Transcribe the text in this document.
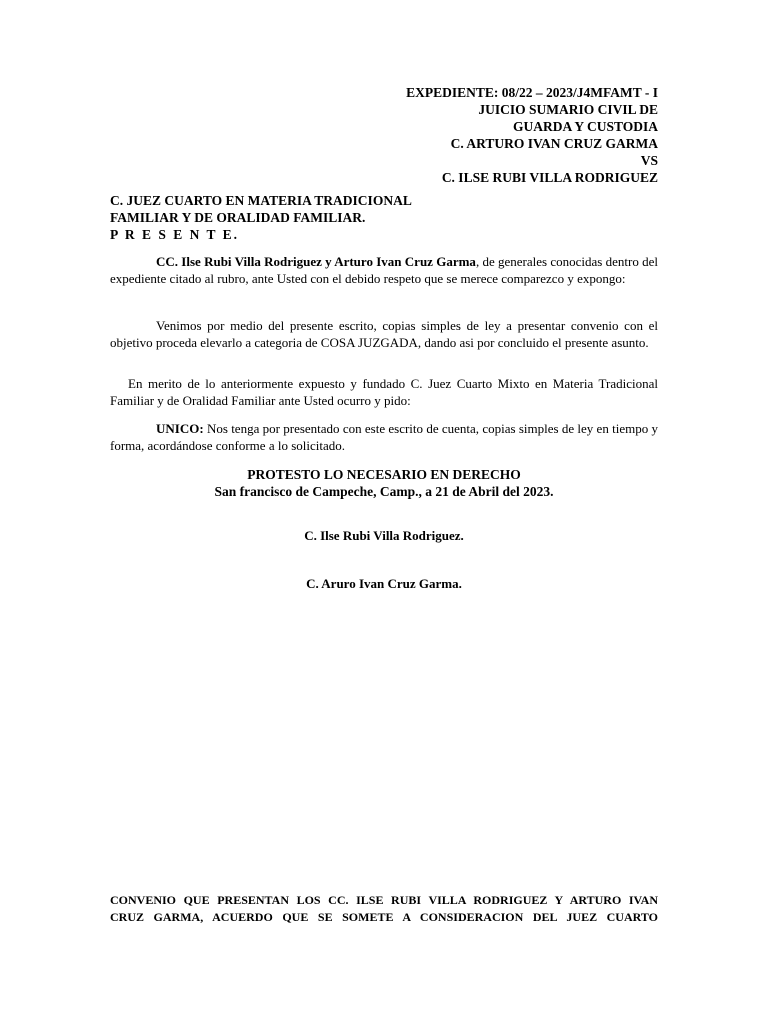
EXPEDIENTE: 08/22 – 2023/J4MFAMT - I
JUICIO SUMARIO CIVIL DE
GUARDA Y CUSTODIA
C. ARTURO IVAN CRUZ GARMA
VS
C. ILSE RUBI VILLA RODRIGUEZ
C. JUEZ CUARTO EN MATERIA TRADICIONAL
FAMILIAR Y DE ORALIDAD FAMILIAR.
P R E S E N T E.
CC. Ilse Rubi Villa Rodriguez y Arturo Ivan Cruz Garma, de generales conocidas dentro del expediente citado al rubro, ante Usted con el debido respeto que se merece comparezco y expongo:
Venimos por medio del presente escrito, copias simples de ley a presentar convenio con el objetivo proceda elevarlo a categoria de COSA JUZGADA, dando asi por concluido el presente asunto.
En merito de lo anteriormente expuesto y fundado C. Juez Cuarto Mixto en Materia Tradicional Familiar y de Oralidad Familiar ante Usted ocurro y pido:
UNICO: Nos tenga por presentado con este escrito de cuenta, copias simples de ley en tiempo y forma, acordándose conforme a lo solicitado.
PROTESTO LO NECESARIO EN DERECHO
San francisco de Campeche, Camp., a 21 de Abril del 2023.
C. Ilse Rubi Villa Rodriguez.
C. Aruro Ivan Cruz Garma.
CONVENIO QUE PRESENTAN LOS CC. ILSE RUBI VILLA RODRIGUEZ Y ARTURO IVAN
CRUZ GARMA, ACUERDO QUE SE SOMETE A CONSIDERACION DEL JUEZ CUARTO
